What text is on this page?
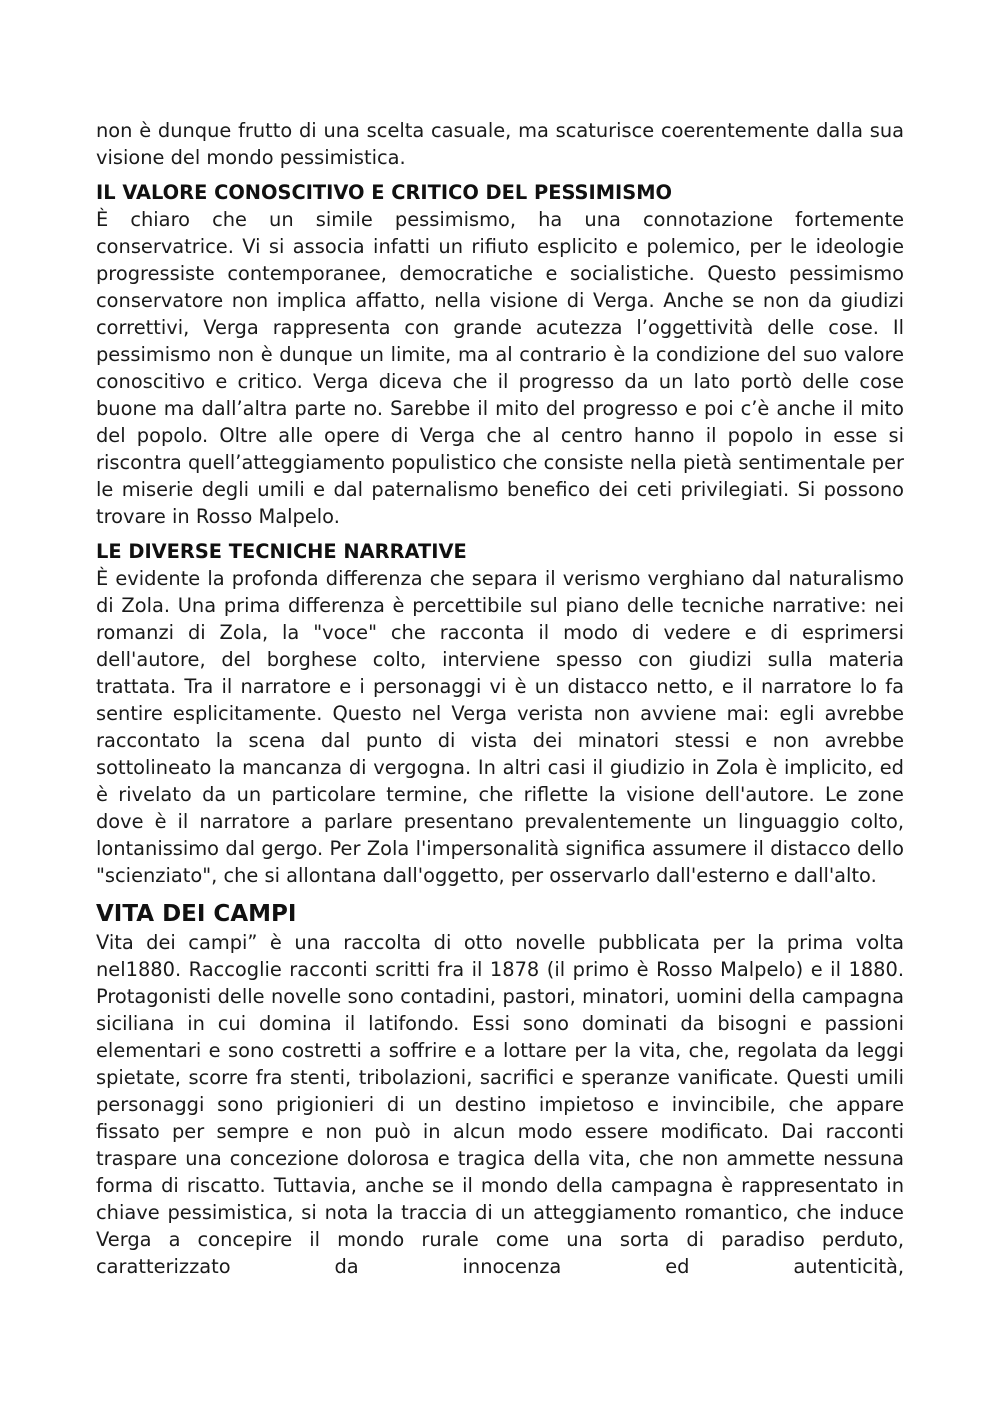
non è dunque frutto di una scelta casuale, ma scaturisce coerentemente dalla sua visione del mondo pessimistica.

IL VALORE CONOSCITIVO E CRITICO DEL PESSIMISMO

È chiaro che un simile pessimismo, ha una connotazione fortemente conservatrice. Vi si associa infatti un rifiuto esplicito e polemico, per le ideologie progressiste contemporanee, democratiche e socialistiche. Questo pessimismo conservatore non implica affatto, nella visione di Verga. Anche se non da giudizi correttivi, Verga rappresenta con grande acutezza l’oggettività delle cose. Il pessimismo non è dunque un limite, ma al contrario è la condizione del suo valore conoscitivo e critico. Verga diceva che il progresso da un lato portò delle cose buone ma dall’altra parte no. Sarebbe il mito del progresso e poi c’è anche il mito del popolo. Oltre alle opere di Verga che al centro hanno il popolo in esse si riscontra quell’atteggiamento populistico che consiste nella pietà sentimentale per le miserie degli umili e dal paternalismo benefico dei ceti privilegiati. Si possono trovare in Rosso Malpelo.

LE DIVERSE TECNICHE NARRATIVE

È evidente la profonda differenza che separa il verismo verghiano dal naturalismo di Zola. Una prima differenza è percettibile sul piano delle tecniche narrative: nei romanzi di Zola, la "voce" che racconta il modo di vedere e di esprimersi dell'autore, del borghese colto, interviene spesso con giudizi sulla materia trattata. Tra il narratore e i personaggi vi è un distacco netto, e il narratore lo fa sentire esplicitamente. Questo nel Verga verista non avviene mai: egli avrebbe raccontato la scena dal punto di vista dei minatori stessi e non avrebbe sottolineato la mancanza di vergogna. In altri casi il giudizio in Zola è implicito, ed è rivelato da un particolare termine, che riflette la visione dell'autore. Le zone dove è il narratore a parlare presentano prevalentemente un linguaggio colto, lontanissimo dal gergo. Per Zola l'impersonalità significa assumere il distacco dello "scienziato", che si allontana dall'oggetto, per osservarlo dall'esterno e dall'alto.

VITA DEI CAMPI

Vita dei campi” è una raccolta di otto novelle pubblicata per la prima volta nel1880. Raccoglie racconti scritti fra il 1878 (il primo è Rosso Malpelo) e il 1880. Protagonisti delle novelle sono contadini, pastori, minatori, uomini della campagna siciliana in cui domina il latifondo. Essi sono dominati da bisogni e passioni elementari e sono costretti a soffrire e a lottare per la vita, che, regolata da leggi spietate, scorre fra stenti, tribolazioni, sacrifici e speranze vanificate. Questi umili personaggi sono prigionieri di un destino impietoso e invincibile, che appare fissato per sempre e non può in alcun modo essere modificato. Dai racconti traspare una concezione dolorosa e tragica della vita, che non ammette nessuna forma di riscatto. Tuttavia, anche se il mondo della campagna è rappresentato in chiave pessimistica, si nota la traccia di un atteggiamento romantico, che induce Verga a concepire il mondo rurale come una sorta di paradiso perduto, caratterizzato da innocenza ed autenticità,
